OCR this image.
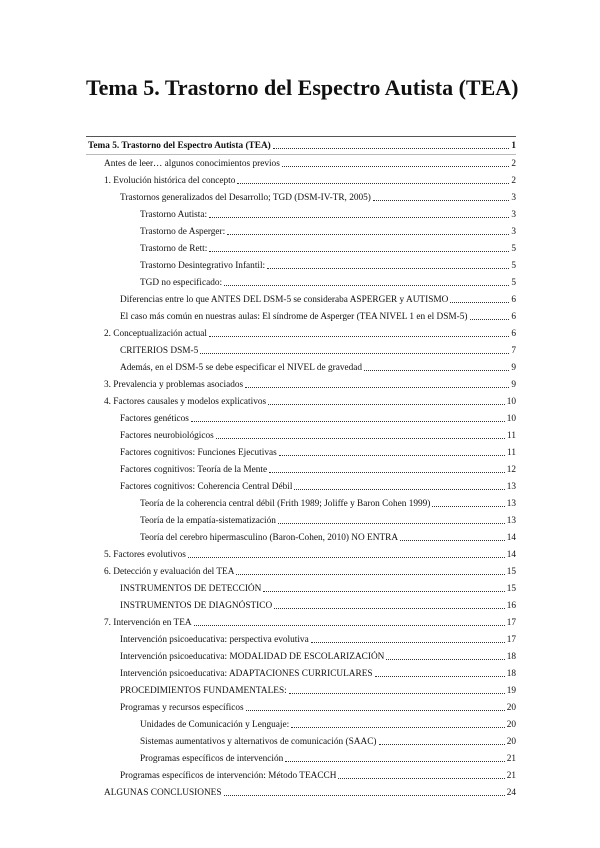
Tema 5. Trastorno del Espectro Autista (TEA)
Tema 5. Trastorno del Espectro Autista (TEA)	1
Antes de leer… algunos conocimientos previos	2
1. Evolución histórica del concepto	2
Trastornos generalizados del Desarrollo; TGD (DSM-IV-TR, 2005)	3
Trastorno Autista:	3
Trastorno de Asperger:	3
Trastorno de Rett:	5
Trastorno Desintegrativo Infantil:	5
TGD no especificado:	5
Diferencias entre lo que ANTES DEL DSM-5 se consideraba ASPERGER y AUTISMO	6
El caso más común en nuestras aulas: El síndrome de Asperger (TEA NIVEL 1 en el DSM-5)	6
2. Conceptualización actual	6
CRITERIOS DSM-5	7
Además, en el DSM-5 se debe especificar el NIVEL de gravedad	9
3. Prevalencia y problemas asociados	9
4. Factores causales y modelos explicativos	10
Factores genéticos	10
Factores neurobiológicos	11
Factores cognitivos: Funciones Ejecutivas	11
Factores cognitivos: Teoría de la Mente	12
Factores cognitivos: Coherencia Central Débil	13
Teoría de la coherencia central débil (Frith 1989; Joliffe y Baron Cohen 1999)	13
Teoría de la empatía-sistematización	13
Teoría del cerebro hipermasculino (Baron-Cohen, 2010) NO ENTRA	14
5. Factores evolutivos	14
6. Detección y evaluación del TEA	15
INSTRUMENTOS DE DETECCIÓN	15
INSTRUMENTOS DE DIAGNÓSTICO	16
7. Intervención en TEA	17
Intervención psicoeducativa: perspectiva evolutiva	17
Intervención psicoeducativa: MODALIDAD DE ESCOLARIZACIÓN	18
Intervención psicoeducativa: ADAPTACIONES CURRICULARES	18
PROCEDIMIENTOS FUNDAMENTALES:	19
Programas y recursos específicos	20
Unidades de Comunicación y Lenguaje:	20
Sistemas aumentativos y alternativos de comunicación (SAAC)	20
Programas específicos de intervención	21
Programas específicos de intervención: Método TEACCH	21
ALGUNAS CONCLUSIONES	24
